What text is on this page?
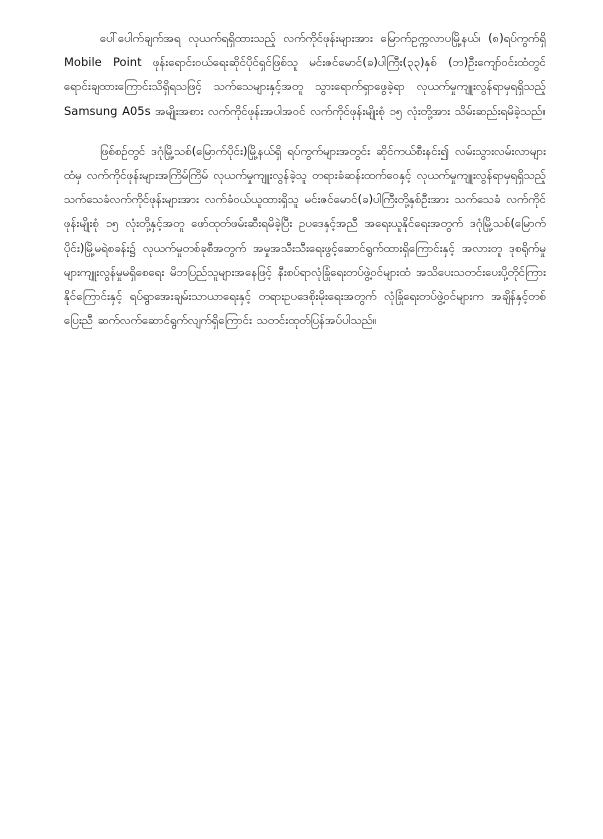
ပေါ်ပေါက်ချက်အရ လုယက်ရရှိထားသည့် လက်ကိုင်ဖုန်းများအား မြောက်ဥက္ကလာပမြို့နယ်၊ (၈)ရပ်ကွက်ရှိ Mobile Point ဖုန်းရောင်းဝယ်ရေးဆိုင်ပိုင်ရှင်ဖြစ်သူ မင်းဇင်မောင်(ခ)ပါကြီး(၃၃)နှစ် (ဘ)ဦးကျော်ဝင်းထံတွင် ရောင်းချထားကြောင်းသိရှိရသဖြင့် သက်သေများနှင့်အတူ သွားရောက်ရှာဖွေခဲ့ရာ လုယက်မှုကျူးလွန်ရာမှရရှိသည့် Samsung A05s အမျိုးအစား လက်ကိုင်ဖုန်းအပါအဝင် လက်ကိုင်ဖုန်းမျိုးစုံ ၁၅ လုံးတို့အား သိမ်းဆည်းရမိခဲ့သည်။

ဖြစ်စဉ်တွင် ဒဂုံမြို့သစ်(မြောက်ပိုင်း)မြို့နယ်ရှိ ရပ်ကွက်များအတွင်း ဆိုင်ကယ်စီးနင်း၍ လမ်းသွားလမ်းလာများထံမှ လက်ကိုင်ဖုန်းများအကြိမ်ကြိမ် လုယက်မှုကျူးလွန်ခဲ့သူ တရားခံဆန်းထက်ဝေနှင့် လုယက်မှုကျူးလွန်ရာမှရရှိသည့် သက်သေခံလက်ကိုင်ဖုန်းများအား လက်ခံဝယ်ယူထားရှိသူ မင်းဇင်မောင်(ခ)ပါကြီးတို့နှစ်ဦးအား သက်သေခံ လက်ကိုင်ဖုန်းမျိုးစုံ ၁၅ လုံးတို့နှင့်အတူ ဖော်ထုတ်ဖမ်းဆီးရမိခဲ့ပြီး ဥပဒေနှင့်အညီ အရေးယူနိုင်ရေးအတွက် ဒဂုံမြို့သစ်(မြောက်ပိုင်း)မြို့မရဲစခန်း၌ လုယက်မှုတစ်ခုစီအတွက် အမှုအသီးသီးရေးဖွင့်ဆောင်ရွက်ထားရှိကြောင်းနှင့် အလားတူ ဒုစရိုက်မှုများကျူးလွန်မှုမရှိစေရေး မိဘပြည်သူများအနေဖြင့် နီးစပ်ရာလုံခြုံရေးတပ်ဖွဲ့ဝင်များထံ အသိပေးသတင်းပေးပို့တိုင်ကြားနိုင်ကြောင်းနှင့် ရပ်ရွာအေးချမ်းသာယာရေးနှင့် တရားဥပဒေစိုးမိုးရေးအတွက် လုံခြုံရေးတပ်ဖွဲ့ဝင်များက အချိန်နှင့်တစ်ပြေးညီ ဆက်လက်ဆောင်ရွက်လျက်ရှိကြောင်း သတင်းထုတ်ပြန်အပ်ပါသည်။
